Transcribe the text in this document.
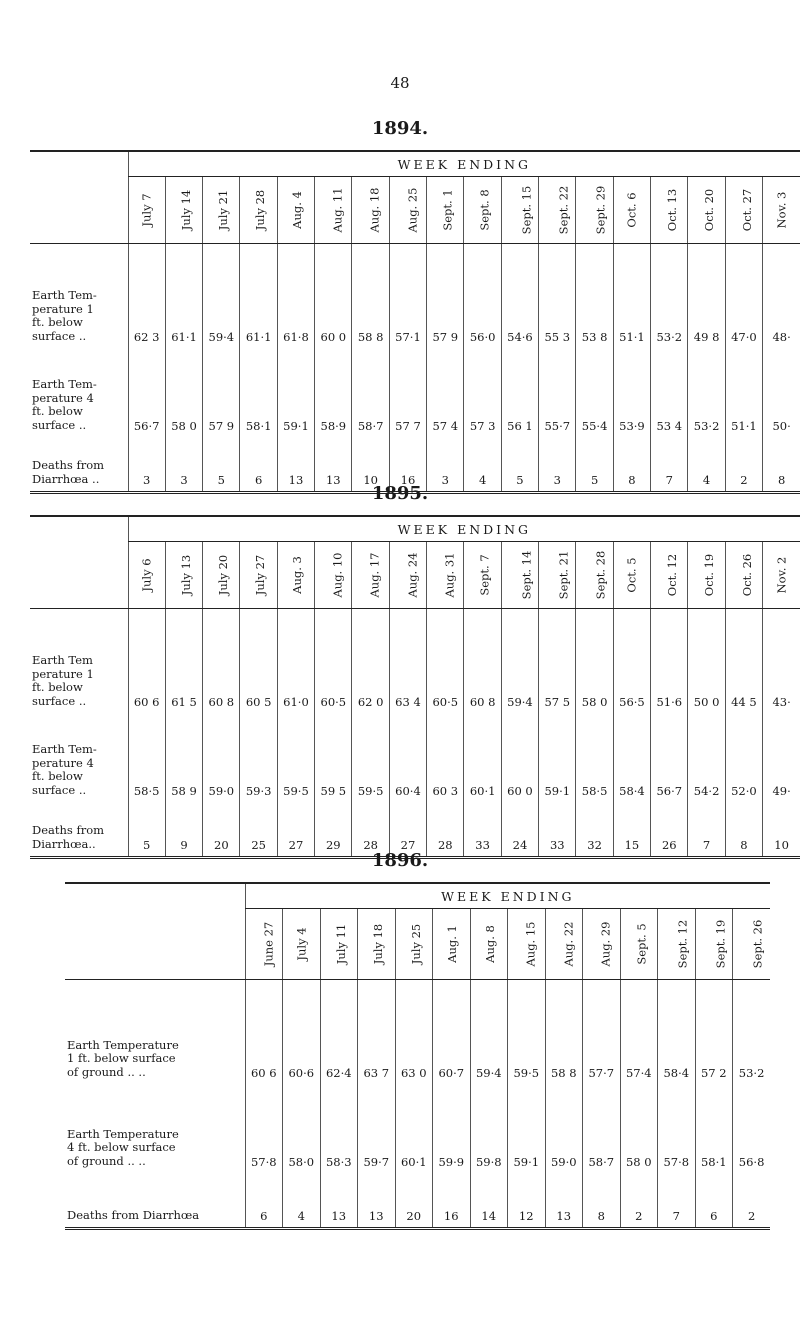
48
1894.
	WEEK ENDING																	
	July 7	July 14	July 21	July 28	Aug. 4	Aug. 11	Aug. 18	Aug. 25	Sept. 1	Sept. 8	Sept. 15	Sept. 22	Sept. 29	Oct. 6	Oct. 13	Oct. 20	Oct. 27	Nov. 3

Earth Tem-
perature 1
ft. below
surface ..	62 3	61·1	59·4	61·1	61·8	60 0	58 8	57·1	57 9	56·0	54·6	55 3	53 8	51·1	53·2	49 8	47·0	48·

Earth Tem-
perature 4
ft. below
surface ..	56·7	58 0	57 9	58·1	59·1	58·9	58·7	57 7	57 4	57 3	56 1	55·7	55·4	53·9	53 4	53·2	51·1	50·

Deaths from
Diarrhœa ..	3	3	5	6	13	13	10	16	3	4	5	3	5	8	7	4	2	8
1895.
	WEEK ENDING																	
	July 6	July 13	July 20	July 27	Aug. 3	Aug. 10	Aug. 17	Aug. 24	Aug. 31	Sept. 7	Sept. 14	Sept. 21	Sept. 28	Oct. 5	Oct. 12	Oct. 19	Oct. 26	Nov. 2

Earth Tem
perature 1
ft. below
surface ..	60 6	61 5	60 8	60 5	61·0	60·5	62 0	63 4	60·5	60 8	59·4	57 5	58 0	56·5	51·6	50 0	44 5	43·

Earth Tem-
perature 4
ft. below
surface ..	58·5	58 9	59·0	59·3	59·5	59 5	59·5	60·4	60 3	60·1	60 0	59·1	58·5	58·4	56·7	54·2	52·0	49·

Deaths from
Diarrhœa..	5	9	20	25	27	29	28	27	28	33	24	33	32	15	26	7	8	10
1896.
	WEEK ENDING													
	June 27	July 4	July 11	July 18	July 25	Aug. 1	Aug. 8	Aug. 15	Aug. 22	Aug. 29	Sept. 5	Sept. 12	Sept. 19	Sept. 26

Earth Temperature
1 ft. below surface
of ground .. ..	60 6	60·6	62·4	63 7	63 0	60·7	59·4	59·5	58 8	57·7	57·4	58·4	57 2	53·2

Earth Temperature
4 ft. below surface
of ground .. ..	57·8	58·0	58·3	59·7	60·1	59·9	59·8	59·1	59·0	58·7	58 0	57·8	58·1	56·8

Deaths from Diarrhœa	6	4	13	13	20	16	14	12	13	8	2	7	6	2
